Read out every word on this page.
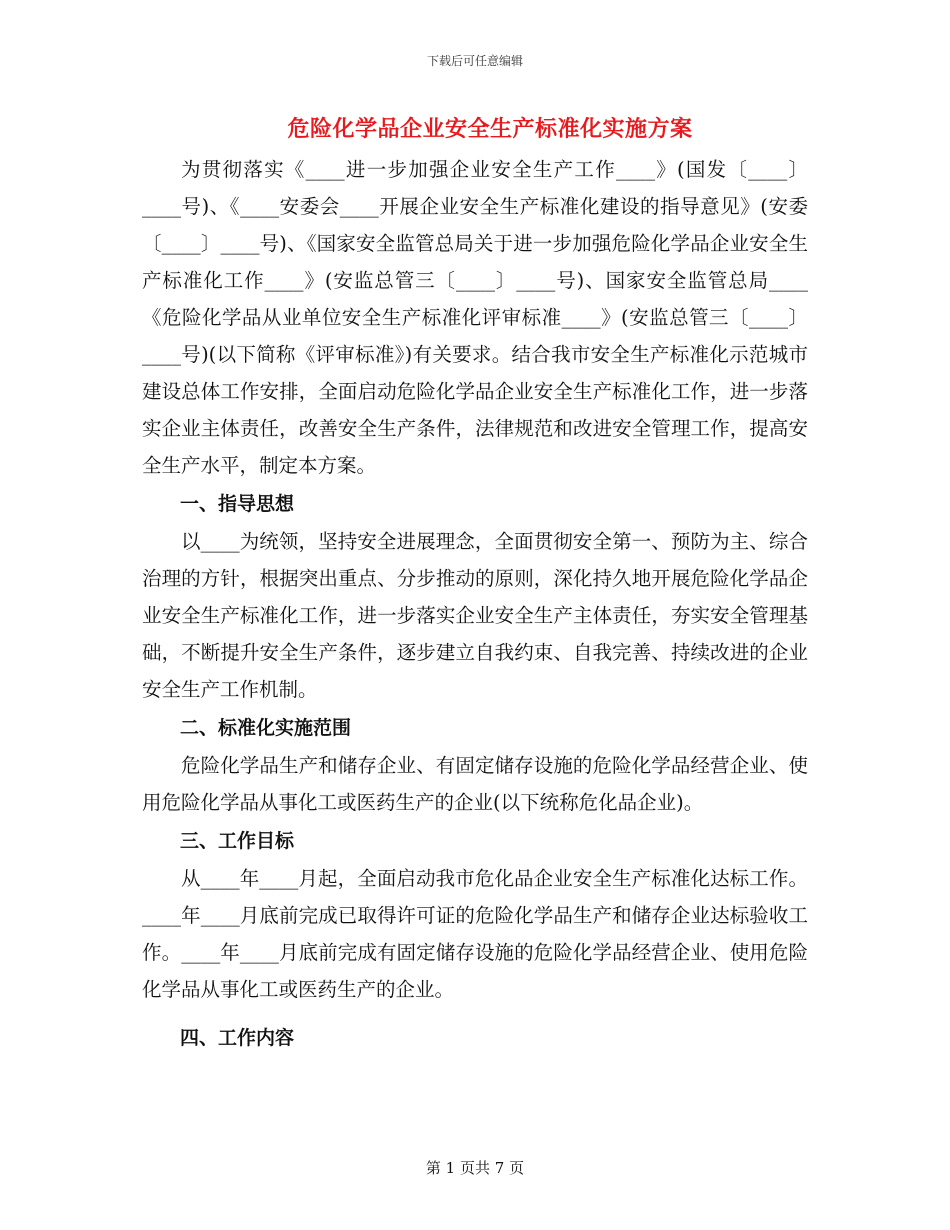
下载后可任意编辑
危险化学品企业安全生产标准化实施方案

为贯彻落实《____进一步加强企业安全生产工作____》(国发〔____〕____号)、《____安委会____开展企业安全生产标准化建设的指导意见》(安委〔____〕____号)、《国家安全监管总局关于进一步加强危险化学品企业安全生产标准化工作____》(安监总管三〔____〕____号)、国家安全监管总局____《危险化学品从业单位安全生产标准化评审标准____》(安监总管三〔____〕____号)(以下简称《评审标准》)有关要求。结合我市安全生产标准化示范城市建设总体工作安排，全面启动危险化学品企业安全生产标准化工作，进一步落实企业主体责任，改善安全生产条件，法律规范和改进安全管理工作，提高安全生产水平，制定本方案。

一、指导思想

以____为统领，坚持安全进展理念，全面贯彻安全第一、预防为主、综合治理的方针，根据突出重点、分步推动的原则，深化持久地开展危险化学品企业安全生产标准化工作，进一步落实企业安全生产主体责任，夯实安全管理基础，不断提升安全生产条件，逐步建立自我约束、自我完善、持续改进的企业安全生产工作机制。

二、标准化实施范围

危险化学品生产和储存企业、有固定储存设施的危险化学品经营企业、使用危险化学品从事化工或医药生产的企业(以下统称危化品企业)。

三、工作目标

从____年____月起，全面启动我市危化品企业安全生产标准化达标工作。____年____月底前完成已取得许可证的危险化学品生产和储存企业达标验收工作。____年____月底前完成有固定储存设施的危险化学品经营企业、使用危险化学品从事化工或医药生产的企业。

四、工作内容

第 1 页共 7 页
